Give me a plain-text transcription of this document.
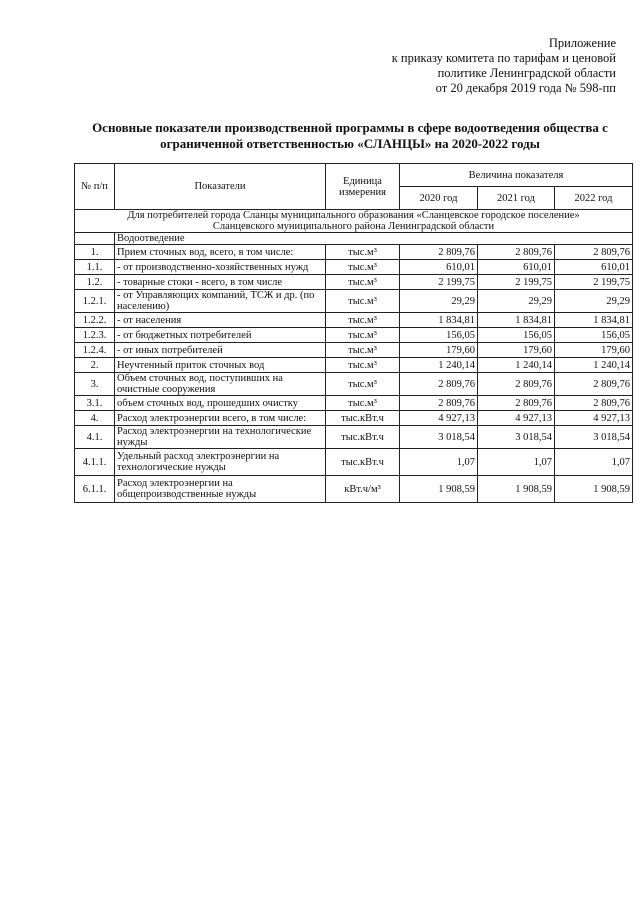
Приложение
к приказу комитета по тарифам и ценовой
политике Ленинградской области
от 20 декабря 2019 года № 598-пп
Основные показатели производственной программы в сфере водоотведения общества с
ограниченной ответственностью «СЛАНЦЫ» на 2020-2022 годы
№ п/п	Показатели	Единица измерения	Величина показателя		
			2020 год	2021 год	2022 год

Для потребителей города Сланцы муниципального образования «Сланцевское городское поселение»
Сланцевского муниципального района Ленинградской области					

	Водоотведение				
1.	Прием сточных вод, всего, в том числе:	тыс.м³	2 809,76	2 809,76	2 809,76
1.1.	- от производственно-хозяйственных нужд	тыс.м³	610,01	610,01	610,01
1.2.	- товарные стоки - всего, в том числе	тыс.м³	2 199,75	2 199,75	2 199,75
1.2.1.	- от Управляющих компаний, ТСЖ и др. (по населению)	тыс.м³	29,29	29,29	29,29
1.2.2.	- от населения	тыс.м³	1 834,81	1 834,81	1 834,81
1.2.3.	- от бюджетных потребителей	тыс.м³	156,05	156,05	156,05
1.2.4.	- от иных потребителей	тыс.м³	179,60	179,60	179,60
2.	Неучтенный приток сточных вод	тыс.м³	1 240,14	1 240,14	1 240,14
3.	Объем сточных вод, поступивших на очистные сооружения	тыс.м³	2 809,76	2 809,76	2 809,76
3.1.	объем сточных вод, прошедших очистку	тыс.м³	2 809,76	2 809,76	2 809,76
4.	Расход электроэнергии всего, в том числе:	тыс.кВт.ч	4 927,13	4 927,13	4 927,13
4.1.	Расход электроэнергии на технологические нужды	тыс.кВт.ч	3 018,54	3 018,54	3 018,54
4.1.1.	Удельный расход электроэнергии на технологические нужды	тыс.кВт.ч	1,07	1,07	1,07
6.1.1.	Расход электроэнергии на общепроизводственные нужды	кВт.ч/м³	1 908,59	1 908,59	1 908,59
